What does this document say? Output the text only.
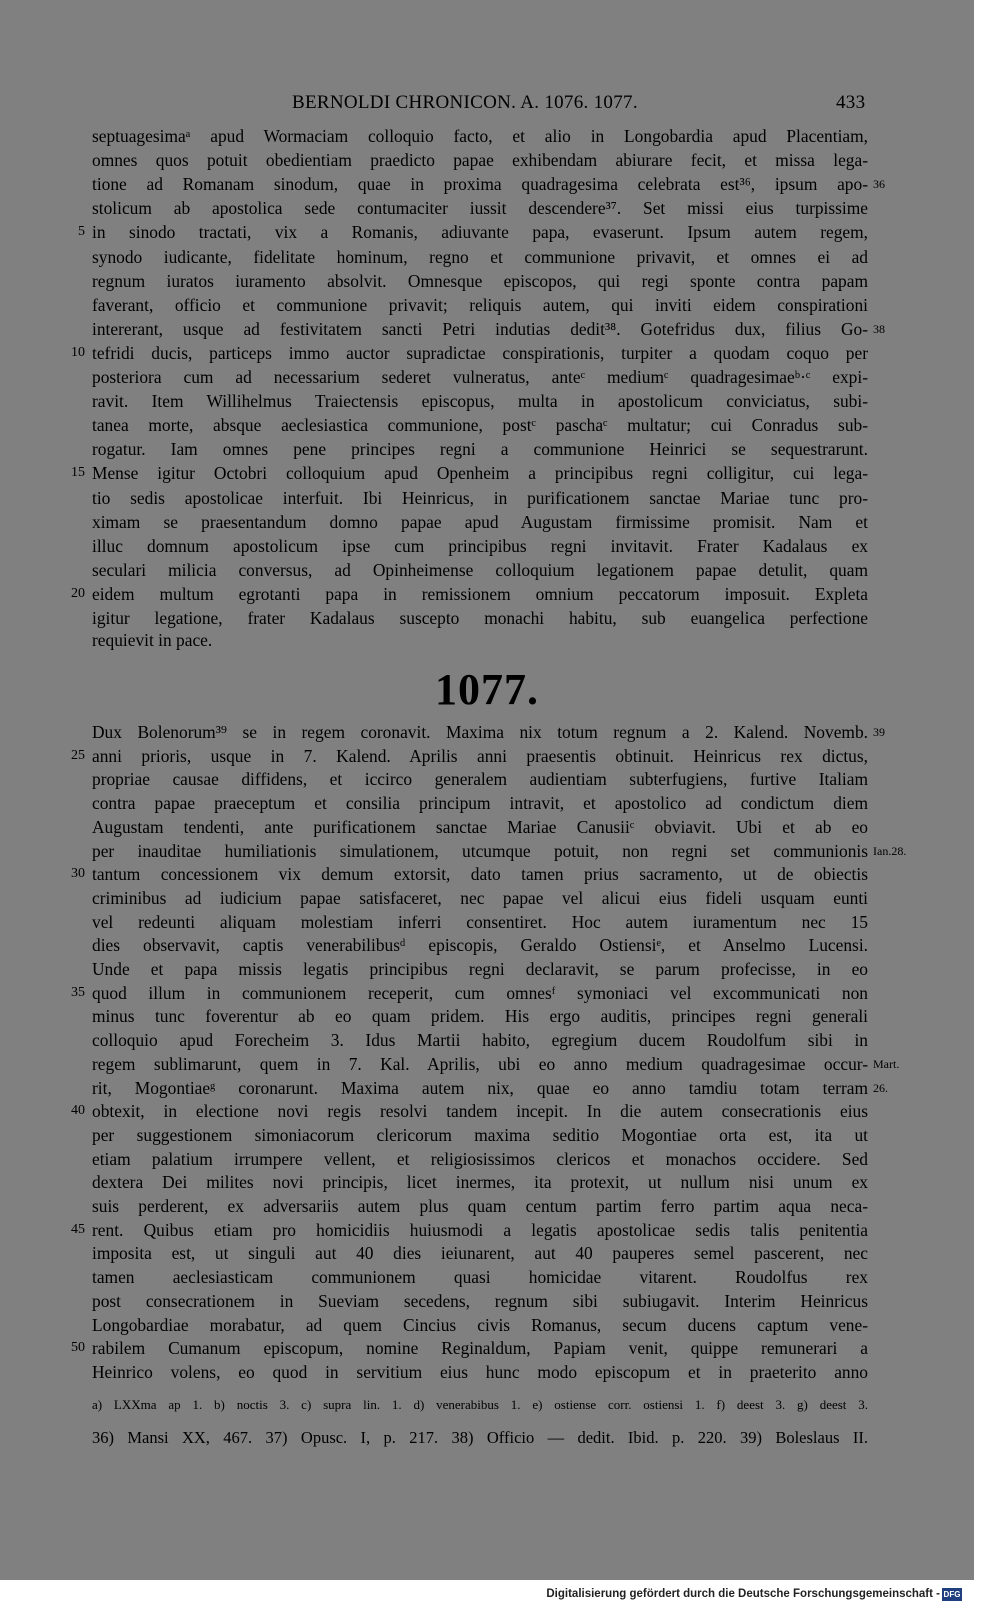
BERNOLDI CHRONICON. A. 1076. 1077.	433
septuagesimaᵃ apud Wormaciam colloquio facto, et alio in Longobardia apud Placentiam,
omnes quos potuit obedientiam praedicto papae exhibendam abiurare fecit, et missa lega-
tione ad Romanam sinodum, quae in proxima quadragesima celebrata est³⁶, ipsum apo- 36
stolicum ab apostolica sede contumaciter iussit descendere³⁷. Set missi eius turpissime
in sinodo tractati, vix a Romanis, adiuvante papa, evaserunt. Ipsum autem regem,
5
synodo iudicante, fidelitate hominum, regno et communione privavit, et omnes ei ad
regnum iuratos iuramento absolvit. Omnesque episcopos, qui regi sponte contra papam
faverant, officio et communione privavit; reliquis autem, qui inviti eidem conspirationi
intererant, usque ad festivitatem sancti Petri indutias dedit³⁸. Gotefridus dux, filius Go- 38
tefridi ducis, particeps immo auctor supradictae conspirationis, turpiter a quodam coquo per
10
posteriora cum ad necessarium sederet vulneratus, anteᶜ mediumᶜ quadragesimaeᵇ·ᶜ expi-
ravit. Item Willihelmus Traiectensis episcopus, multa in apostolicum conviciatus, subi-
tanea morte, absque aeclesiastica communione, postᶜ paschaᶜ multatur; cui Conradus sub-
rogatur. Iam omnes pene principes regni a communione Heinrici se sequestrarunt.
Mense igitur Octobri colloquium apud Openheim a principibus regni colligitur, cui lega-
15
tio sedis apostolicae interfuit. Ibi Heinricus, in purificationem sanctae Mariae tunc pro-
ximam se praesentandum domno papae apud Augustam firmissime promisit. Nam et
illuc domnum apostolicum ipse cum principibus regni invitavit. Frater Kadalaus ex
seculari milicia conversus, ad Opinheimense colloquium legationem papae detulit, quam
eidem multum egrotanti papa in remissionem omnium peccatorum imposuit. Expleta
20
igitur legatione, frater Kadalaus suscepto monachi habitu, sub euangelica perfectione
requievit in pace.
1077.
Dux Bolenorum³⁹ se in regem coronavit. Maxima nix totum regnum a 2. Kalend. Novemb. 39
anni prioris, usque in 7. Kalend. Aprilis anni praesentis obtinuit. Heinricus rex dictus,
25
propriae causae diffidens, et iccirco generalem audientiam subterfugiens, furtive Italiam
contra papae praeceptum et consilia principum intravit, et apostolico ad condictum diem
Augustam tendenti, ante purificationem sanctae Mariae Canusiiᶜ obviavit. Ubi et ab eo
per inauditae humiliationis simulationem, utcumque potuit, non regni set communionis Ian.28.
tantum concessionem vix demum extorsit, dato tamen prius sacramento, ut de obiectis
30
criminibus ad iudicium papae satisfaceret, nec papae vel alicui eius fideli usquam eunti
vel redeunti aliquam molestiam inferri consentiret. Hoc autem iuramentum nec 15
dies observavit, captis venerabilibusᵈ episcopis, Geraldo Ostiensiᵉ, et Anselmo Lucensi.
Unde et papa missis legatis principibus regni declaravit, se parum profecisse, in eo
quod illum in communionem receperit, cum omnesᶠ symoniaci vel excommunicati non
35
minus tunc foverentur ab eo quam pridem. His ergo auditis, principes regni generali
colloquio apud Forecheim 3. Idus Martii habito, egregium ducem Roudolfum sibi in
regem sublimarunt, quem in 7. Kal. Aprilis, ubi eo anno medium quadragesimae occur- Mart.
rit, Mogontiaeᵍ coronarunt. Maxima autem nix, quae eo anno tamdiu totam terram 26.
obtexit, in electione novi regis resolvi tandem incepit. In die autem consecrationis eius
40
per suggestionem simoniacorum clericorum maxima seditio Mogontiae orta est, ita ut
etiam palatium irrumpere vellent, et religiosissimos clericos et monachos occidere. Sed
dextera Dei milites novi principis, licet inermes, ita protexit, ut nullum nisi unum ex
suis perderent, ex adversariis autem plus quam centum partim ferro partim aqua neca-
rent. Quibus etiam pro homicidiis huiusmodi a legatis apostolicae sedis talis penitentia
45
imposita est, ut singuli aut 40 dies ieiunarent, aut 40 pauperes semel pascerent, nec
tamen aeclesiasticam communionem quasi homicidae vitarent. Roudolfus rex
post consecrationem in Sueviam secedens, regnum sibi subiugavit. Interim Heinricus
Longobardiae morabatur, ad quem Cincius civis Romanus, secum ducens captum vene-
rabilem Cumanum episcopum, nomine Reginaldum, Papiam venit, quippe remunerari a
50
Heinrico volens, eo quod in servitium eius hunc modo episcopum et in praeterito anno
a) LXXma ap 1. b) noctis 3. c) supra lin. 1. d) venerabibus 1. e) ostiense corr. ostiensi 1. f) deest 3. g) deest 3.
36) Mansi XX, 467. 37) Opusc. I, p. 217. 38) Officio — dedit. Ibid. p. 220. 39) Boleslaus II.
Digitalisierung gefördert durch die Deutsche Forschungsgemeinschaft - DFG
